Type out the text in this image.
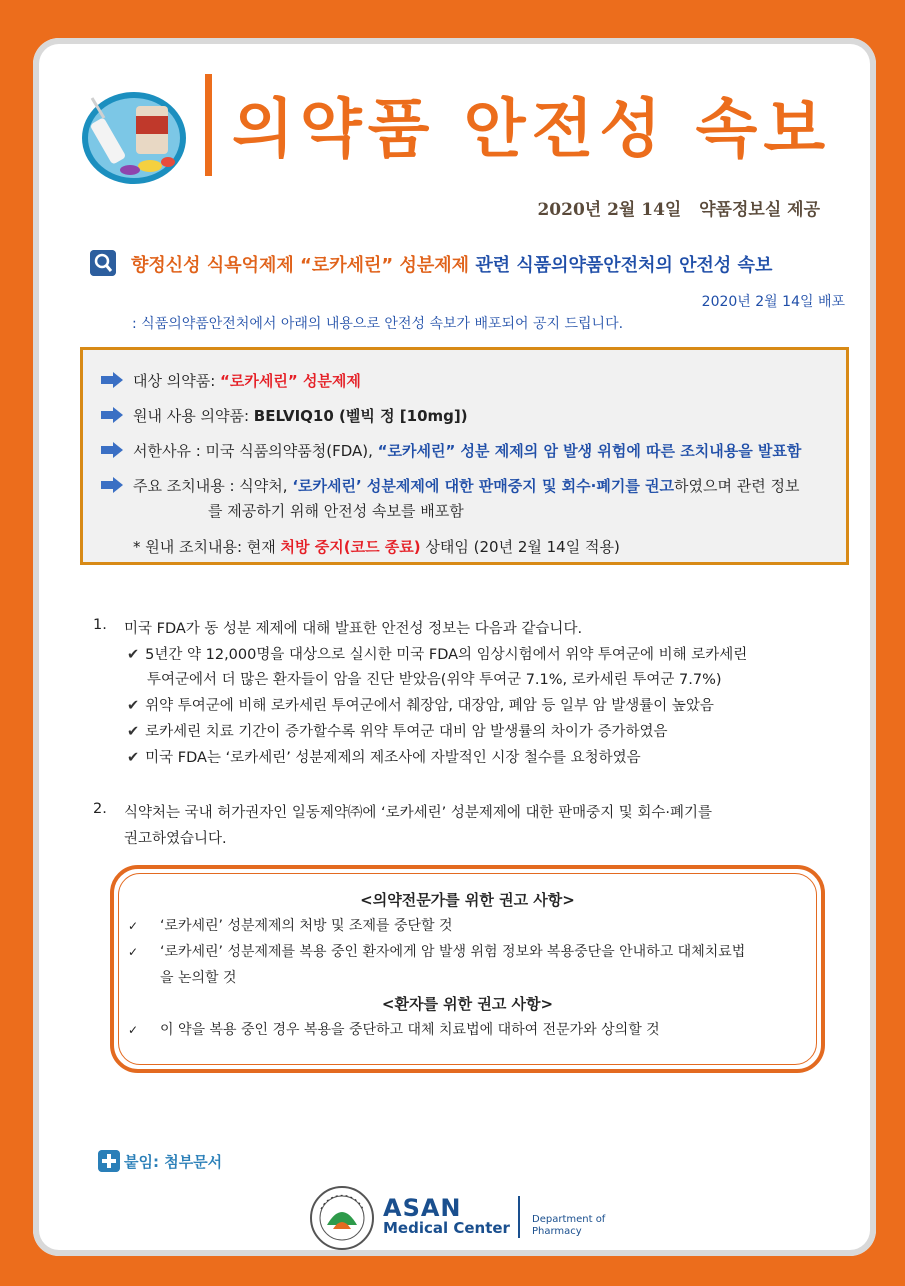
의약품 안전성 속보
2020년 2월 14일 약품정보실 제공
향정신성 식욕억제제 “로카세린” 성분제제 관련 식품의약품안전처의 안전성 속보
2020년 2월 14일 배포
: 식품의약품안전처에서 아래의 내용으로 안전성 속보가 배포되어 공지 드립니다.
대상 의약품: “로카세린” 성분제제
원내 사용 의약품: BELVIQ10 (벨빅 정 [10mg])
서한사유 : 미국 식품의약품청(FDA), “로카세린” 성분 제제의 암 발생 위험에 따른 조치내용을 발표함
주요 조치내용 : 식약처, ‘로카세린’ 성분제제에 대한 판매중지 및 회수·폐기를 권고하였으며 관련 정보
를 제공하기 위해 안전성 속보를 배포함
* 원내 조치내용: 현재 처방 중지(코드 종료) 상태임 (20년 2월 14일 적용)
1. 미국 FDA가 동 성분 제제에 대해 발표한 안전성 정보는 다음과 같습니다.
✔ 5년간 약 12,000명을 대상으로 실시한 미국 FDA의 임상시험에서 위약 투여군에 비해 로카세린
투여군에서 더 많은 환자들이 암을 진단 받았음(위약 투여군 7.1%, 로카세린 투여군 7.7%)
✔ 위약 투여군에 비해 로카세린 투여군에서 췌장암, 대장암, 폐암 등 일부 암 발생률이 높았음
✔ 로카세린 치료 기간이 증가할수록 위약 투여군 대비 암 발생률의 차이가 증가하였음
✔ 미국 FDA는 ‘로카세린’ 성분제제의 제조사에 자발적인 시장 철수를 요청하였음
2. 식약처는 국내 허가권자인 일동제약㈜에 ‘로카세린’ 성분제제에 대한 판매중지 및 회수·폐기를
권고하였습니다.
<의약전문가를 위한 권고 사항>
✓ ‘로카세린’ 성분제제의 처방 및 조제를 중단할 것
✓ ‘로카세린’ 성분제제를 복용 중인 환자에게 암 발생 위험 정보와 복용중단을 안내하고 대체치료법
을 논의할 것
<환자를 위한 권고 사항>
✓ 이 약을 복용 중인 경우 복용을 중단하고 대체 치료법에 대하여 전문가와 상의할 것
붙임: 첨부문서
ASAN
Medical Center Department of
Pharmacy
